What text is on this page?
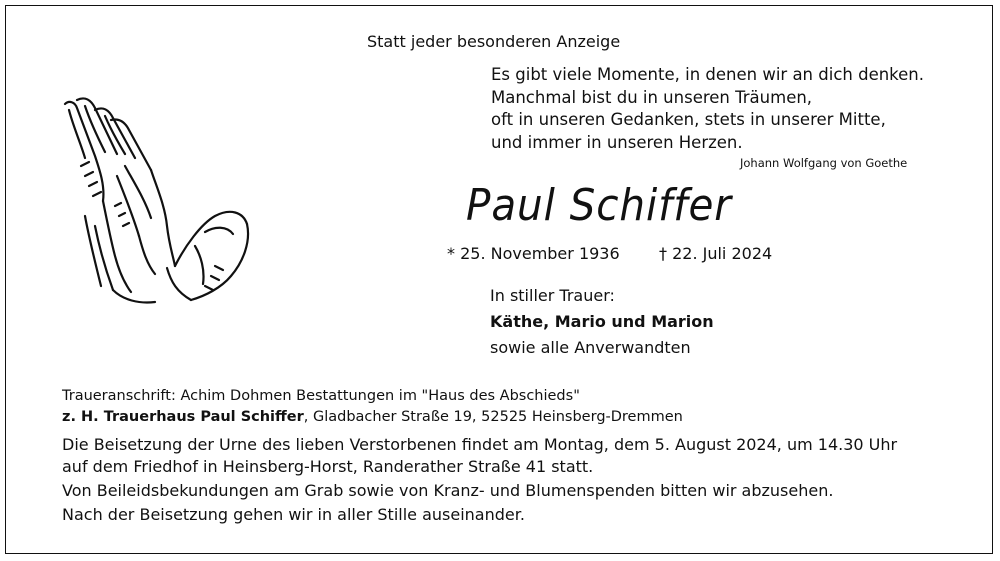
Statt jeder besonderen Anzeige
Es gibt viele Momente, in denen wir an dich denken.
Manchmal bist du in unseren Träumen,
oft in unseren Gedanken, stets in unserer Mitte,
und immer in unseren Herzen.
Johann Wolfgang von Goethe
Paul Schiffer
* 25. November 1936 † 22. Juli 2024
In stiller Trauer:
Käthe, Mario und Marion
sowie alle Anverwandten
Traueranschrift: Achim Dohmen Bestattungen im "Haus des Abschieds"
z. H. Trauerhaus Paul Schiffer, Gladbacher Straße 19, 52525 Heinsberg-Dremmen
Die Beisetzung der Urne des lieben Verstorbenen findet am Montag, dem 5. August 2024, um 14.30 Uhr
auf dem Friedhof in Heinsberg-Horst, Randerather Straße 41 statt.
Von Beileidsbekundungen am Grab sowie von Kranz- und Blumenspenden bitten wir abzusehen.
Nach der Beisetzung gehen wir in aller Stille auseinander.
